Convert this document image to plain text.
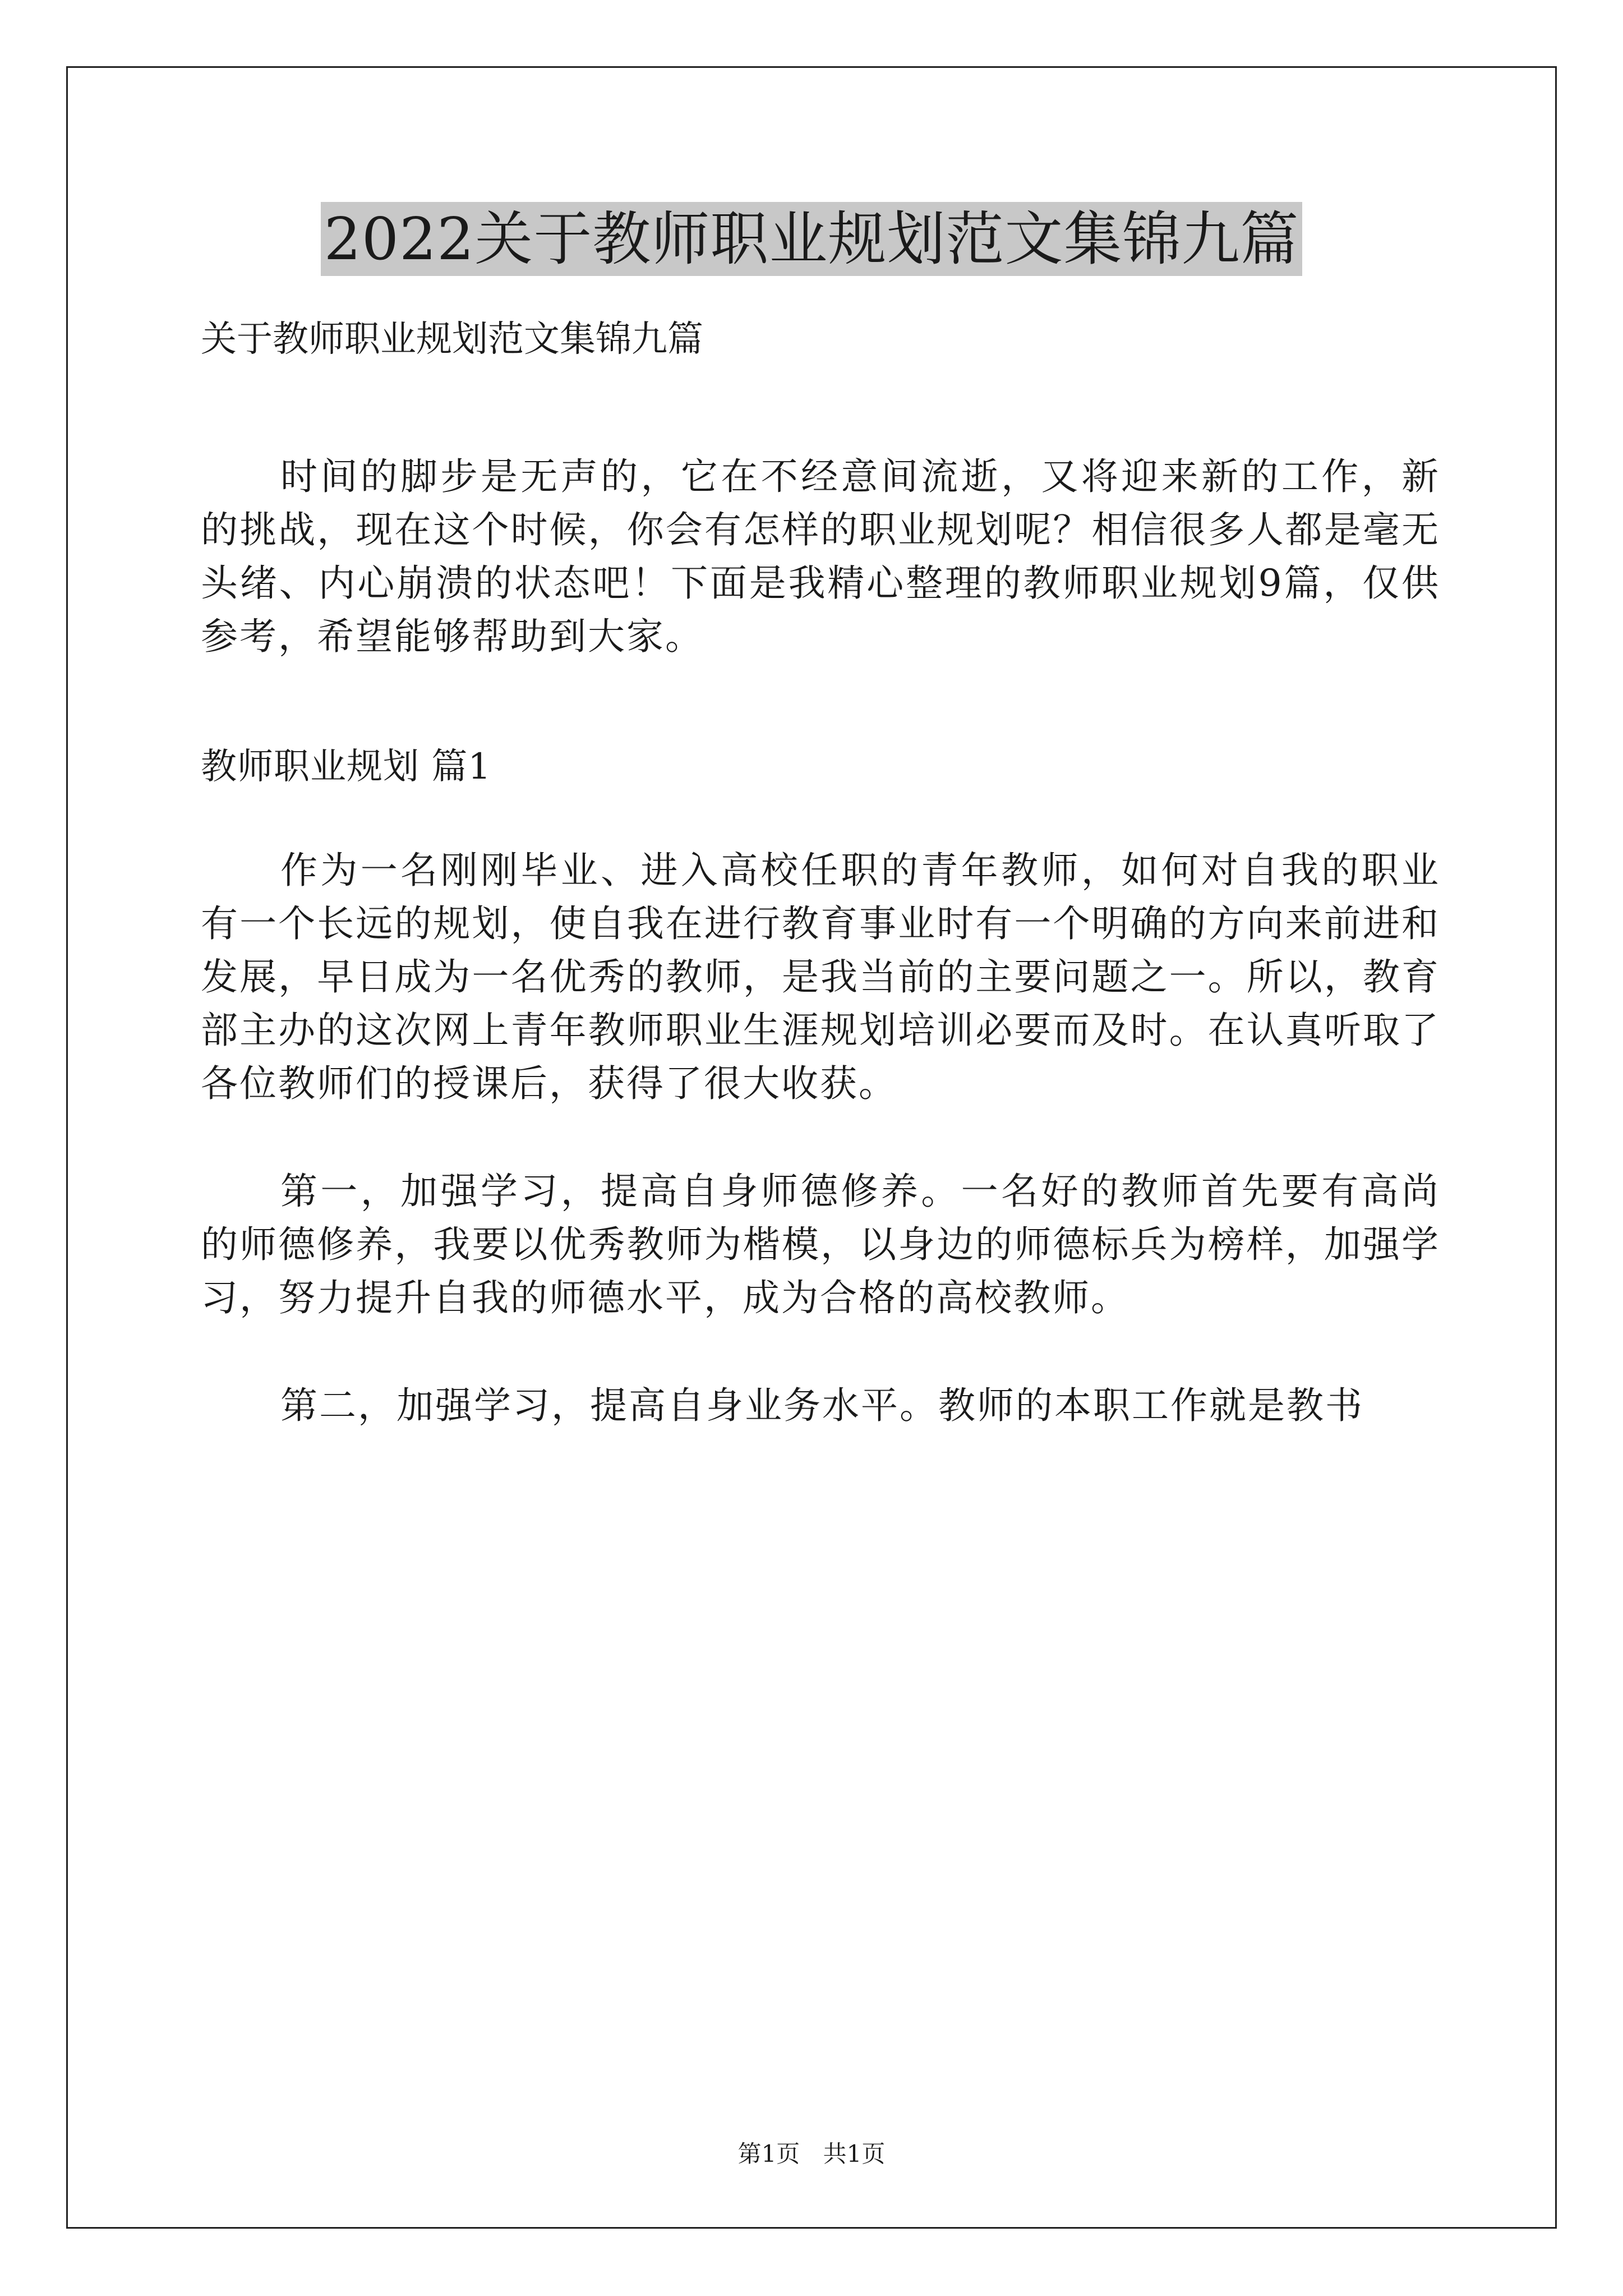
2022关于教师职业规划范文集锦九篇
关于教师职业规划范文集锦九篇

时间的脚步是无声的，它在不经意间流逝，又将迎来新的工作，新的挑战，现在这个时候，你会有怎样的职业规划呢？相信很多人都是毫无头绪、内心崩溃的状态吧！下面是我精心整理的教师职业规划9篇，仅供参考，希望能够帮助到大家。

教师职业规划 篇1

作为一名刚刚毕业、进入高校任职的青年教师，如何对自我的职业有一个长远的规划，使自我在进行教育事业时有一个明确的方向来前进和发展，早日成为一名优秀的教师，是我当前的主要问题之一。所以，教育部主办的这次网上青年教师职业生涯规划培训必要而及时。在认真听取了各位教师们的授课后，获得了很大收获。

第一，加强学习，提高自身师德修养。一名好的教师首先要有高尚的师德修养，我要以优秀教师为楷模，以身边的师德标兵为榜样，加强学习，努力提升自我的师德水平，成为合格的高校教师。

第二，加强学习，提高自身业务水平。教师的本职工作就是教书

第1页 共1页
